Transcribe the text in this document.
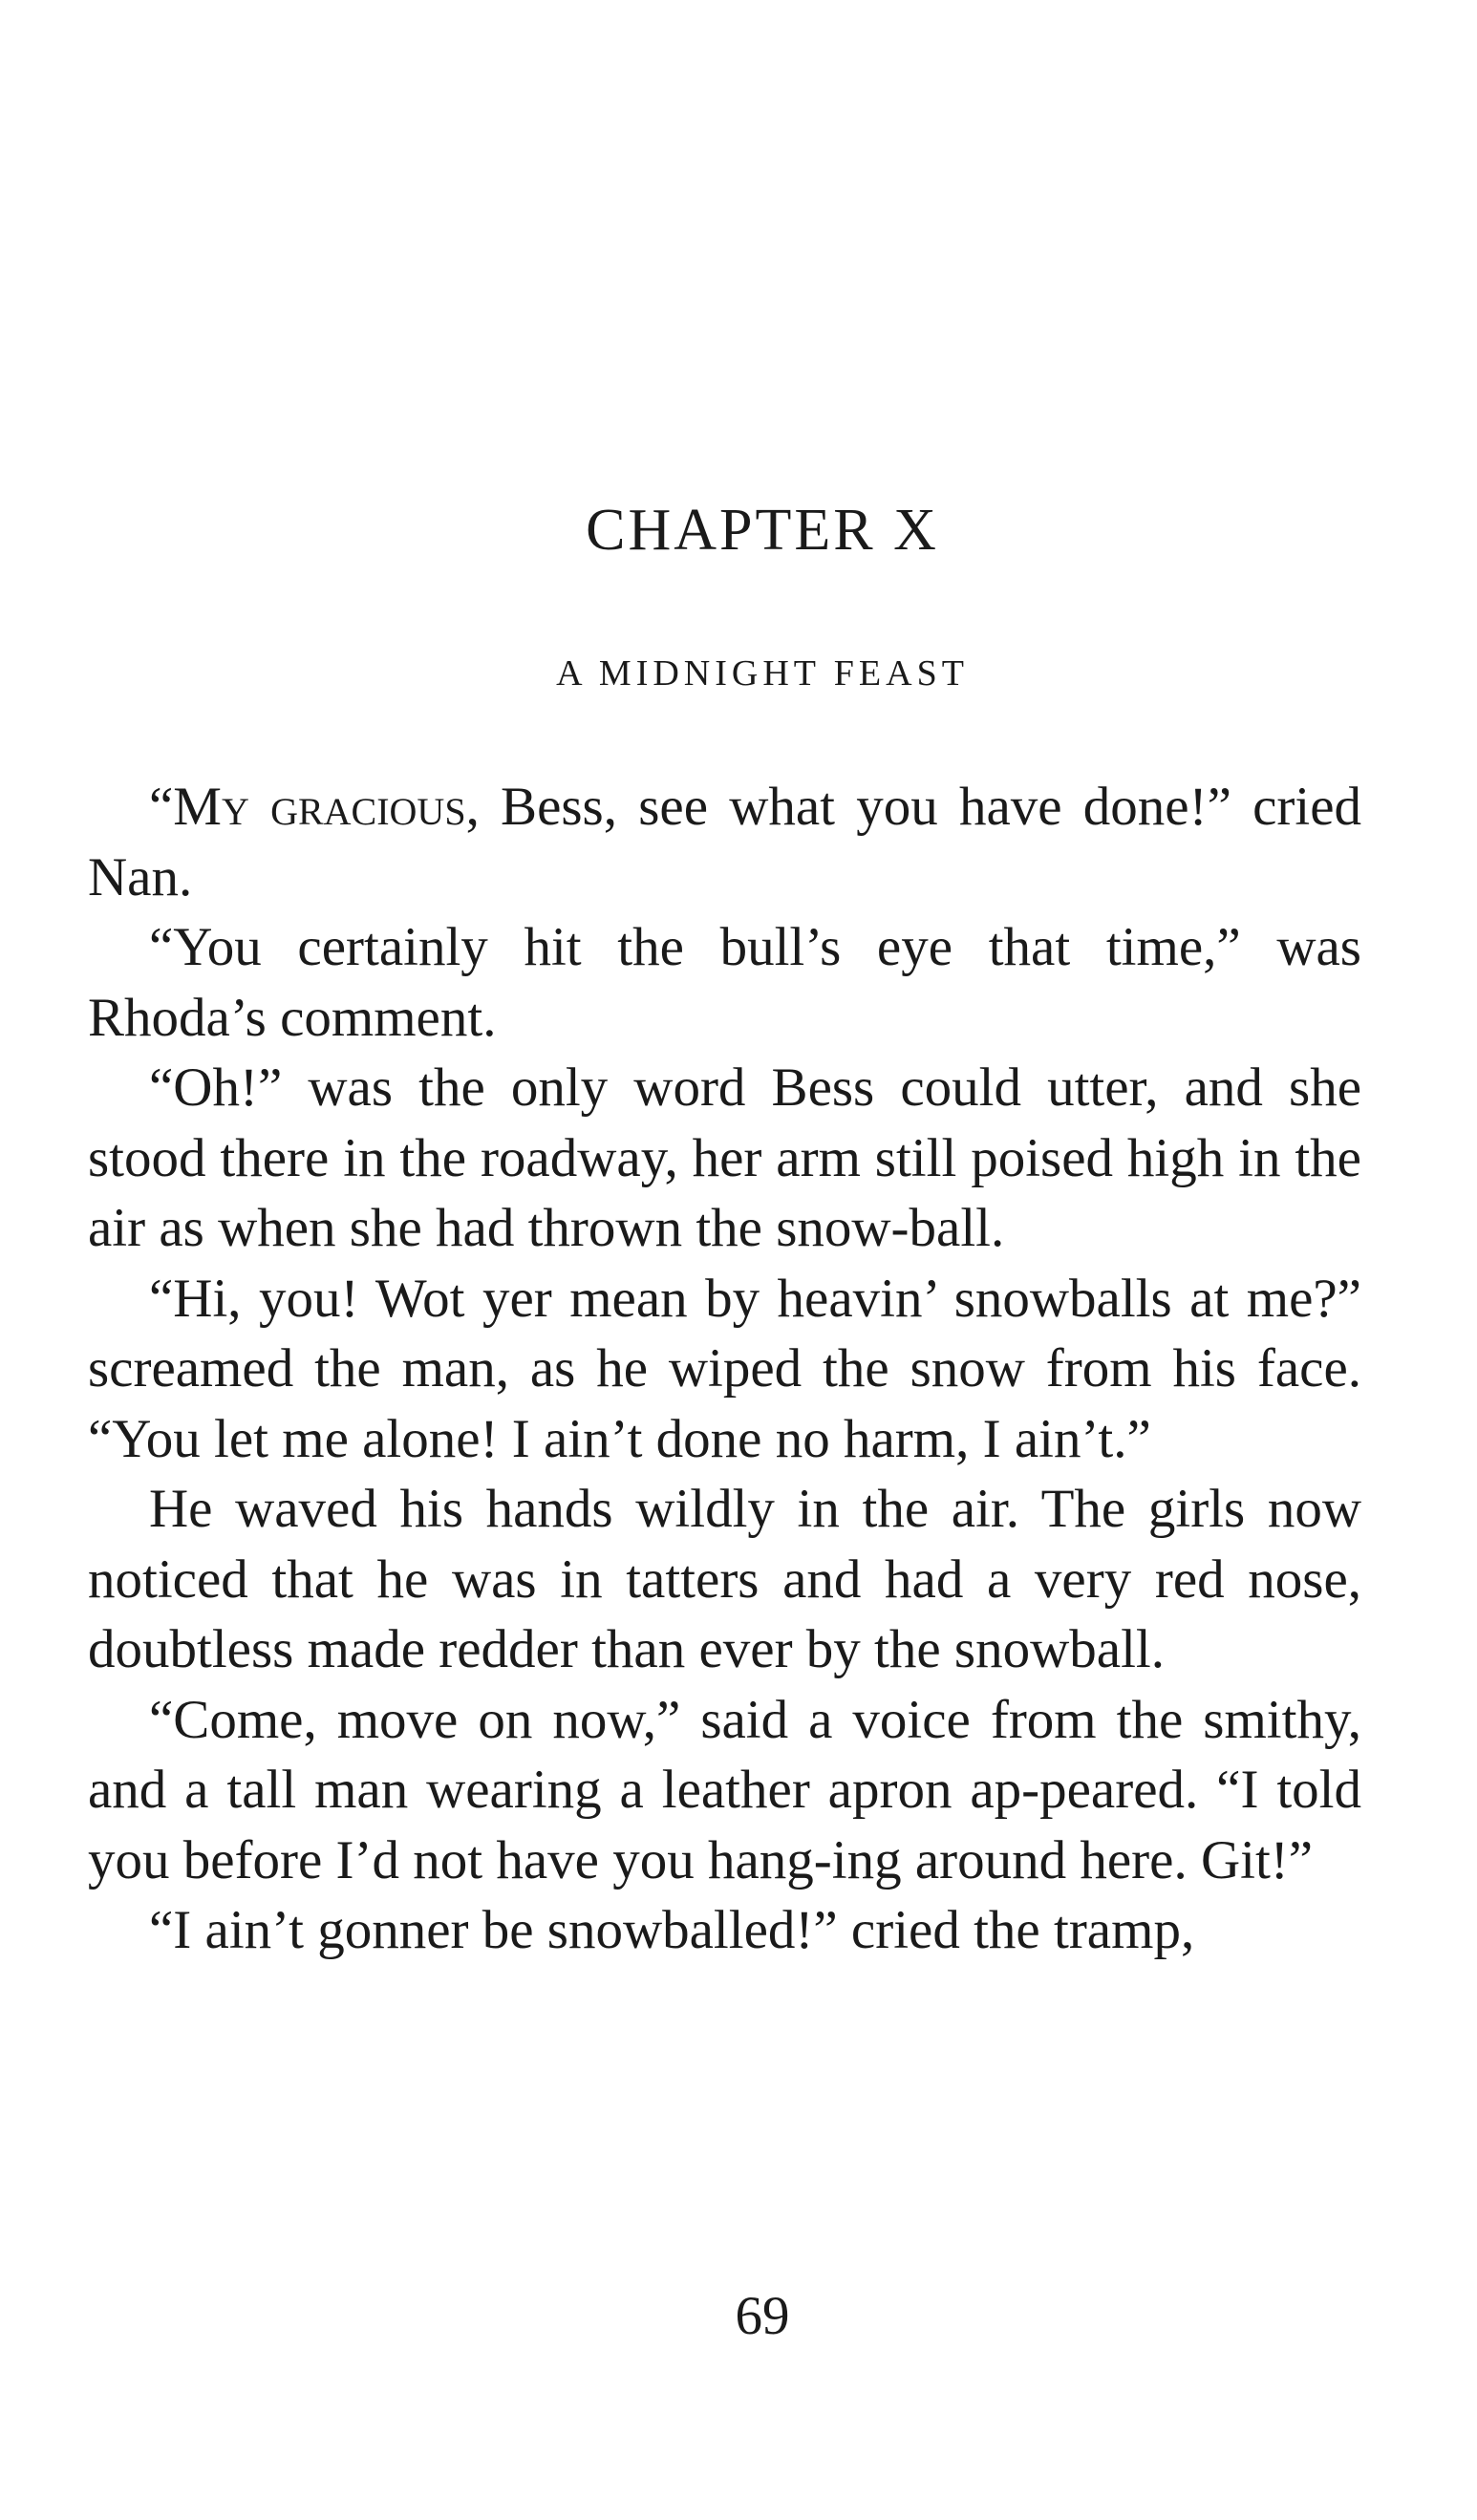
CHAPTER X
A MIDNIGHT FEAST

“My gracious, Bess, see what you have done!” cried Nan.

“You certainly hit the bull’s eye that time,” was Rhoda’s comment.

“Oh!” was the only word Bess could utter, and she stood there in the roadway, her arm still poised high in the air as when she had thrown the snow-ball.

“Hi, you! Wot yer mean by heavin’ snowballs at me?” screamed the man, as he wiped the snow from his face. “You let me alone! I ain’t done no harm, I ain’t.”

He waved his hands wildly in the air. The girls now noticed that he was in tatters and had a very red nose, doubtless made redder than ever by the snowball.

“Come, move on now,” said a voice from the smithy, and a tall man wearing a leather apron ap-peared. “I told you before I’d not have you hang-ing around here. Git!”

“I ain’t gonner be snowballed!” cried the tramp,

69
